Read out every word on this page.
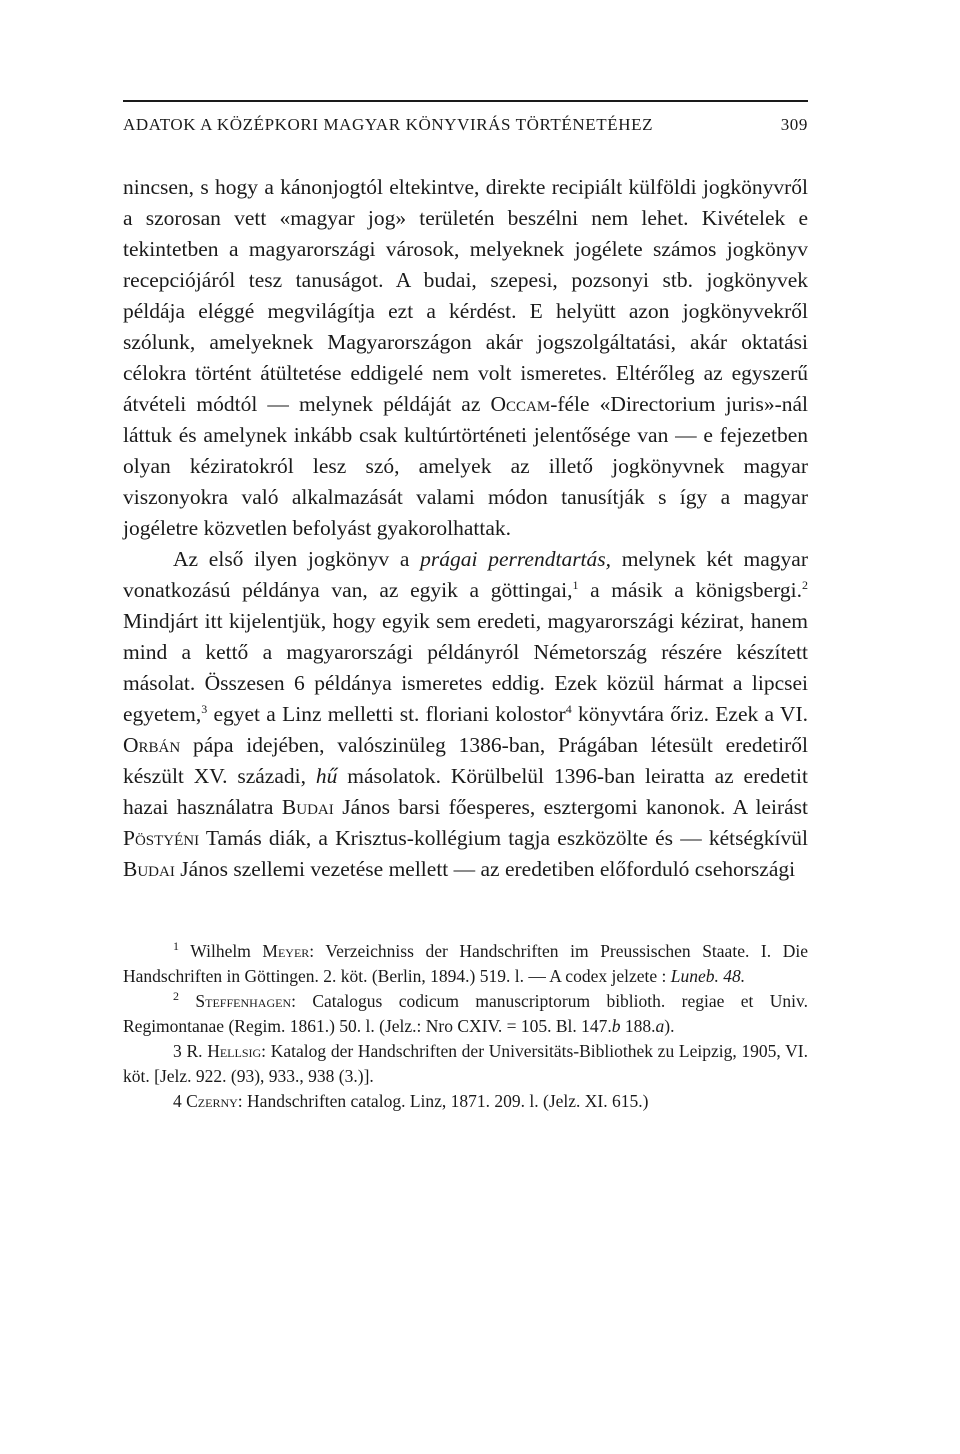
ADATOK A KÖZÉPKORI MAGYAR KÖNYVIRÁS TÖRTÉNETÉHEZ	309

nincsen, s hogy a kánonjogtól eltekintve, direkte recipiált külföldi jogkönyvről a szorosan vett «magyar jog» területén beszélni nem lehet. Kivételek e tekintetben a magyarországi városok, melyeknek jogélete számos jogkönyv recepciójáról tesz tanuságot. A budai, szepesi, pozsonyi stb. jogkönyvek példája eléggé megvilágítja ezt a kérdést. E helyütt azon jogkönyvekről szólunk, amelyeknek Magyarországon akár jogszolgáltatási, akár oktatási célokra történt átültetése eddigelé nem volt ismeretes. Eltérőleg az egyszerű átvételi módtól — melynek példáját az Occam-féle «Directorium juris»-nál láttuk és amelynek inkább csak kultúrtörténeti jelentősége van — e fejezetben olyan kéziratokról lesz szó, amelyek az illető jogkönyvnek magyar viszonyokra való alkalmazását valami módon tanusítják s így a magyar jogéletre közvetlen befolyást gyakorolhattak.

Az első ilyen jogkönyv a prágai perrendtartás, melynek két magyar vonatkozású példánya van, az egyik a göttingai,$^1$ a másik a königsbergi.$^2$ Mindjárt itt kijelentjük, hogy egyik sem eredeti, magyarországi kézirat, hanem mind a kettő a magyarországi példányról Németország részére készített másolat. Összesen 6 példánya ismeretes eddig. Ezek közül hármat a lipcsei egyetem,$^3$ egyet a Linz melletti st. floriani kolostor$^4$ könyvtára őriz. Ezek a VI. Orbán pápa idejében, valószinüleg 1386-ban, Prágában létesült eredetiről készült XV. századi, hű másolatok. Körülbelül 1396-ban leiratta az eredetit hazai használatra Budai János barsi főesperes, esztergomi kanonok. A leirást Pöstyéni Tamás diák, a Krisztus-kollégium tagja eszközölte és — kétségkívül Budai János szellemi vezetése mellett — az eredetiben előforduló csehországi

$^1$ Wilhelm Meyer: Verzeichniss der Handschriften im Preussischen Staate. I. Die Handschriften in Göttingen. 2. köt. (Berlin, 1894.) 519. l. — A codex jelzete : Luneb. 48.

$^2$ Steffenhagen: Catalogus codicum manuscriptorum biblioth. regiae et Univ. Regimontanae (Regim. 1861.) 50. l. (Jelz.: Nro CXIV. = 105. Bl. 147.b 188.a).

3 R. Hellsig: Katalog der Handschriften der Universitäts-Bibliothek zu Leipzig, 1905, VI. köt. [Jelz. 922. (93), 933., 938 (3.)].

4 Czerny: Handschriften catalog. Linz, 1871. 209. l. (Jelz. XI. 615.)
